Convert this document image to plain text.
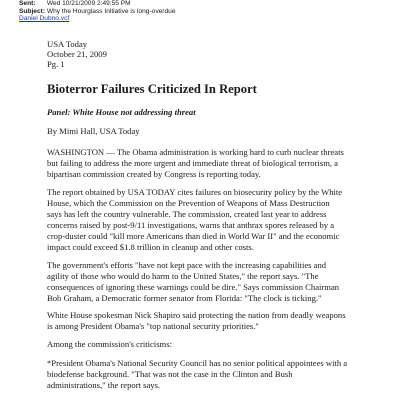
Sent: Wed 10/21/2009 2:49:55 PM
Subject: Why the Hourglass Initiative is long-overdue
Daniel Dubno.vcf
USA Today
October 21, 2009
Pg. 1
Bioterror Failures Criticized In Report
Panel: White House not addressing threat
By Mimi Hall, USA Today

WASHINGTON — The Obama administration is working hard to curb nuclear threats
but failing to address the more urgent and immediate threat of biological terrorism, a
bipartisan commission created by Congress is reporting today.

The report obtained by USA TODAY cites failures on biosecurity policy by the White
House, which the Commission on the Prevention of Weapons of Mass Destruction
says has left the country vulnerable. The commission, created last year to address
concerns raised by post-9/11 investigations, warns that anthrax spores released by a
crop-duster could "kill more Americans than died in World War II" and the economic
impact could exceed $1.8 trillion in cleanup and other costs.

The government's efforts "have not kept pace with the increasing capabilities and
agility of those who would do harm to the United States," the report says. "The
consequences of ignoring these warnings could be dire." Says commission Chairman
Bob Graham, a Democratic former senator from Florida: "The clock is ticking."

White House spokesman Nick Shapiro said protecting the nation from deadly weapons
is among President Obama's "top national security priorities."

Among the commission's criticisms:

*President Obama's National Security Council has no senior political appointees with a
biodefense background. "That was not the case in the Clinton and Bush
administrations," the report says.
